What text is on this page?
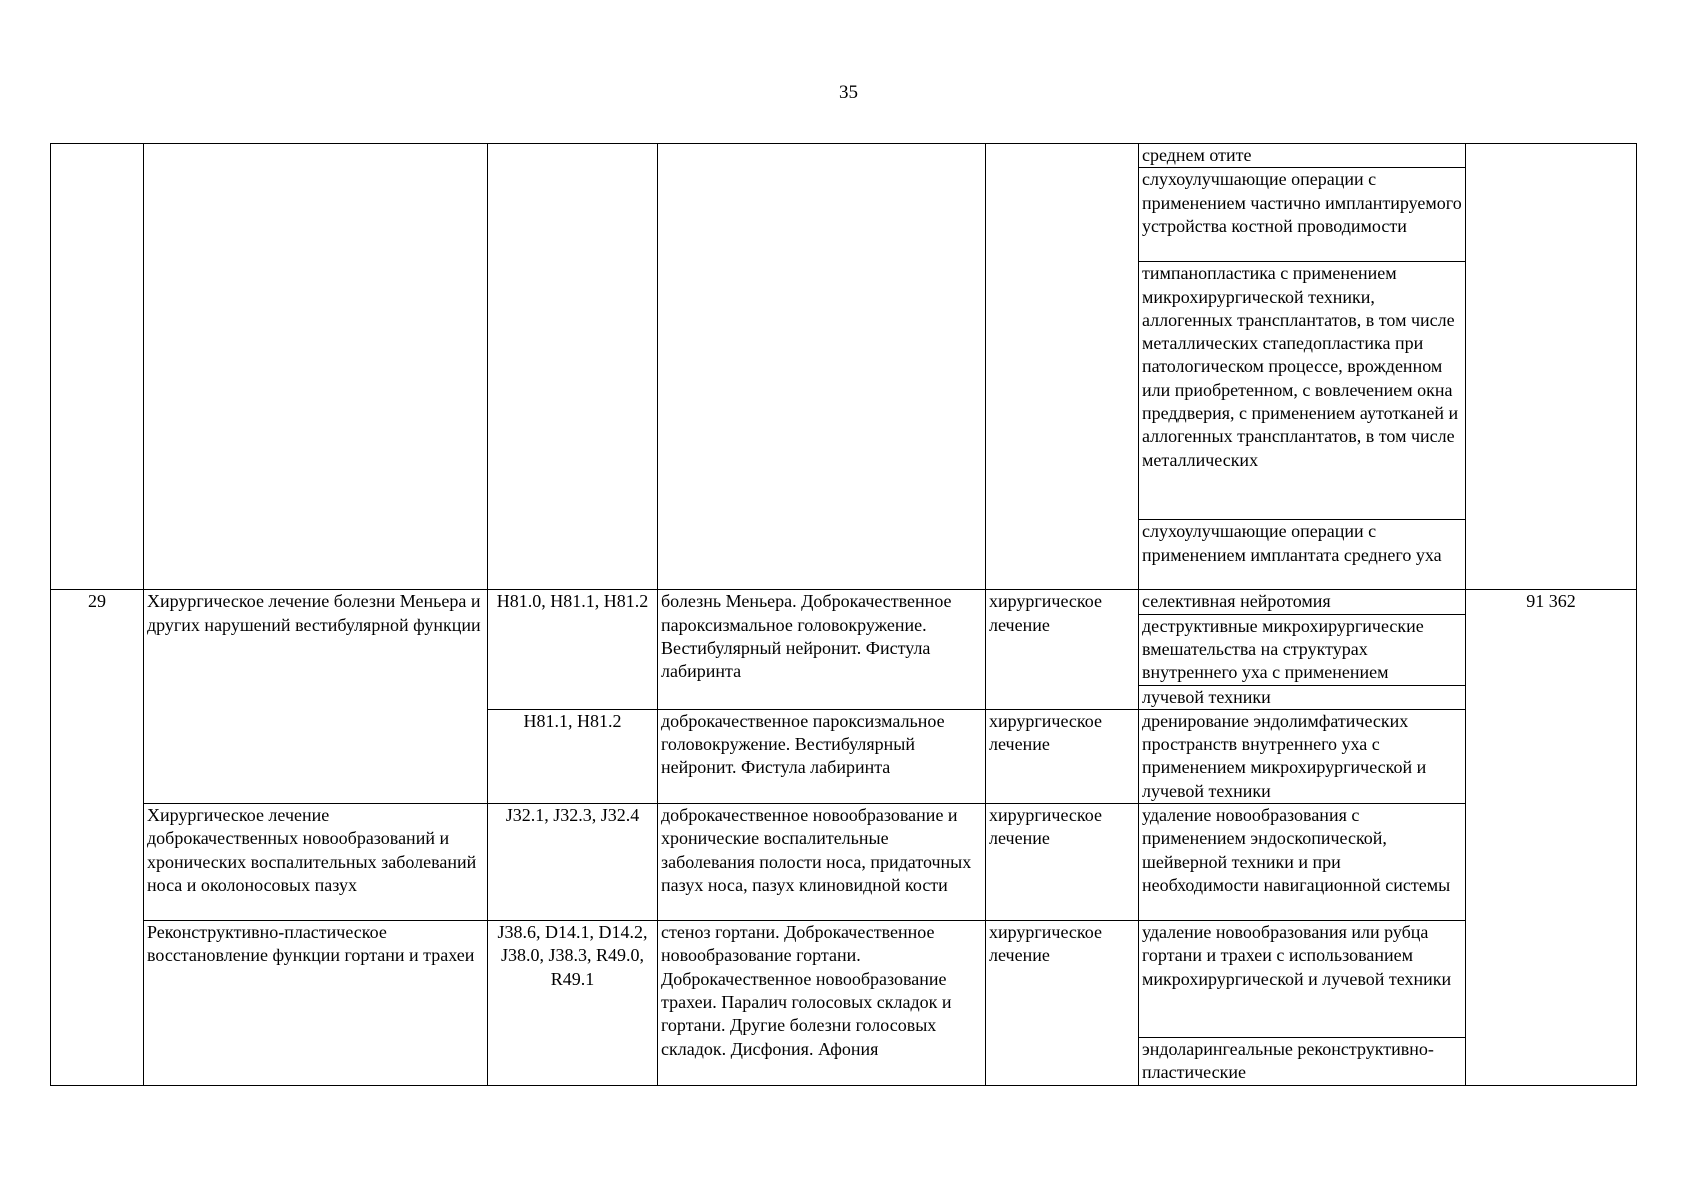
35
					среднем отите	
					слухоулучшающие операции с применением частично имплантируемого устройства костной проводимости	
					тимпанопластика с применением микрохирургической техники, аллогенных трансплантатов, в том числе металлических стапедопластика при патологическом процессе, врожденном или приобретенном, с вовлечением окна преддверия, с применением аутотканей и аллогенных трансплантатов, в том числе металлических	
					слухоулучшающие операции с применением имплантата среднего уха	
29	Хирургическое лечение болезни Меньера и других нарушений вестибулярной функции	H81.0, H81.1, H81.2	болезнь Меньера. Доброкачественное пароксизмальное головокружение. Вестибулярный нейронит. Фистула лабиринта	хирургическое лечение	селективная нейротомия	91 362
					деструктивные микрохирургические вмешательства на структурах внутреннего уха с применением	
					лучевой техники	
		H81.1, H81.2	доброкачественное пароксизмальное головокружение. Вестибулярный нейронит. Фистула лабиринта	хирургическое лечение	дренирование эндолимфатических пространств внутреннего уха с применением микрохирургической и лучевой техники	
	Хирургическое лечение доброкачественных новообразований и хронических воспалительных заболеваний носа и околоносовых пазух	J32.1, J32.3, J32.4	доброкачественное новообразование и хронические воспалительные заболевания полости носа, придаточных пазух носа, пазух клиновидной кости	хирургическое лечение	удаление новообразования с применением эндоскопической, шейверной техники и при необходимости навигационной системы	
	Реконструктивно-пластическое восстановление функции гортани и трахеи	J38.6, D14.1, D14.2, J38.0, J38.3, R49.0, R49.1	стеноз гортани. Доброкачественное новообразование гортани. Доброкачественное новообразование трахеи. Паралич голосовых складок и гортани. Другие болезни голосовых складок. Дисфония. Афония	хирургическое лечение	удаление новообразования или рубца гортани и трахеи с использованием микрохирургической и лучевой техники	
					эндоларингеальные реконструктивно-пластические	
